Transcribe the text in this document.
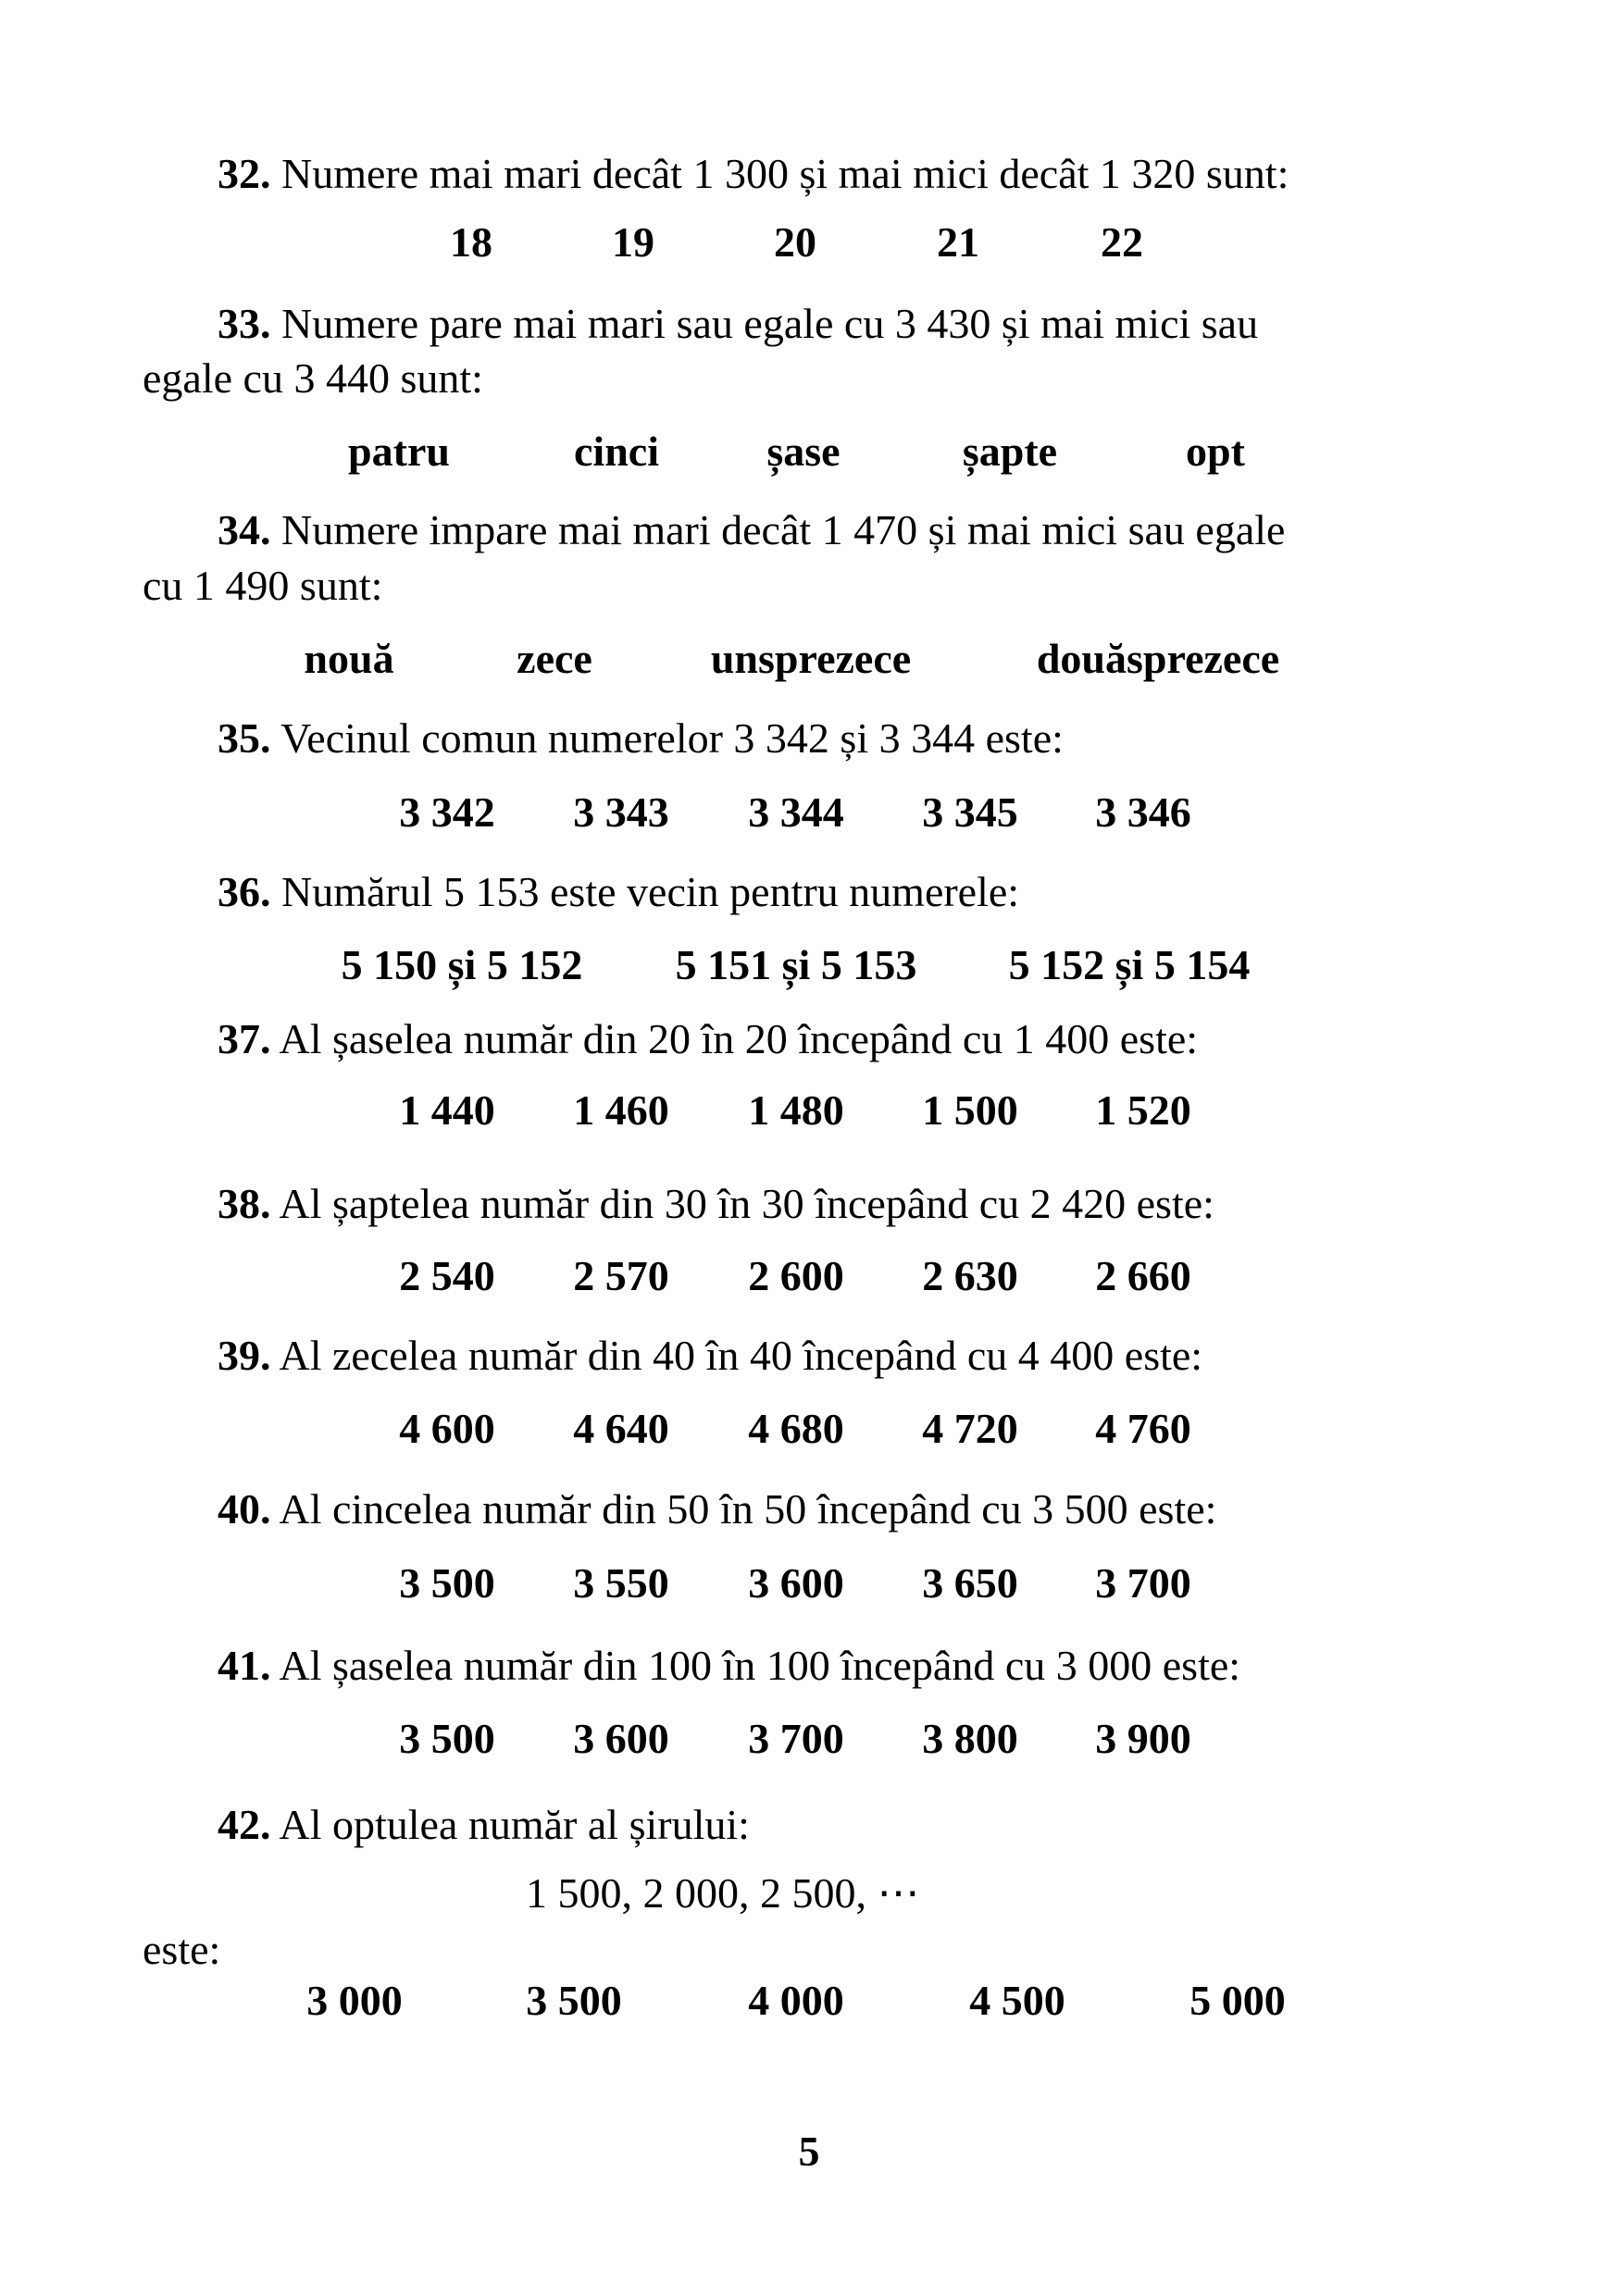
32. Numere mai mari decât 1 300 și mai mici decât 1 320 sunt:
18	19	20	21	22
33. Numere pare mai mari sau egale cu 3 430 și mai mici sau
egale cu 3 440 sunt:
patru	cinci	șase	șapte	opt
34. Numere impare mai mari decât 1 470 și mai mici sau egale
cu 1 490 sunt:
nouă	zece	unsprezece	douăsprezece
35. Vecinul comun numerelor 3 342 și 3 344 este:
3 342 3 343 3 344 3 345 3 346
36. Numărul 5 153 este vecin pentru numerele:
5 150 și 5 152 5 151 și 5 153 5 152 și 5 154
37. Al șaselea număr din 20 în 20 începând cu 1 400 este:
1 440 1 460 1 480 1 500 1 520
38. Al șaptelea număr din 30 în 30 începând cu 2 420 este:
2 540 2 570 2 600 2 630 2 660
39. Al zecelea număr din 40 în 40 începând cu 4 400 este:
4 600 4 640 4 680 4 720 4 760
40. Al cincelea număr din 50 în 50 începând cu 3 500 este:
3 500 3 550 3 600 3 650 3 700
41. Al șaselea număr din 100 în 100 începând cu 3 000 este:
3 500 3 600 3 700 3 800 3 900
42. Al optulea număr al șirului:
1 500, 2 000, 2 500, ⋯
este:
3 000	3 500	4 000	4 500	5 000
5
